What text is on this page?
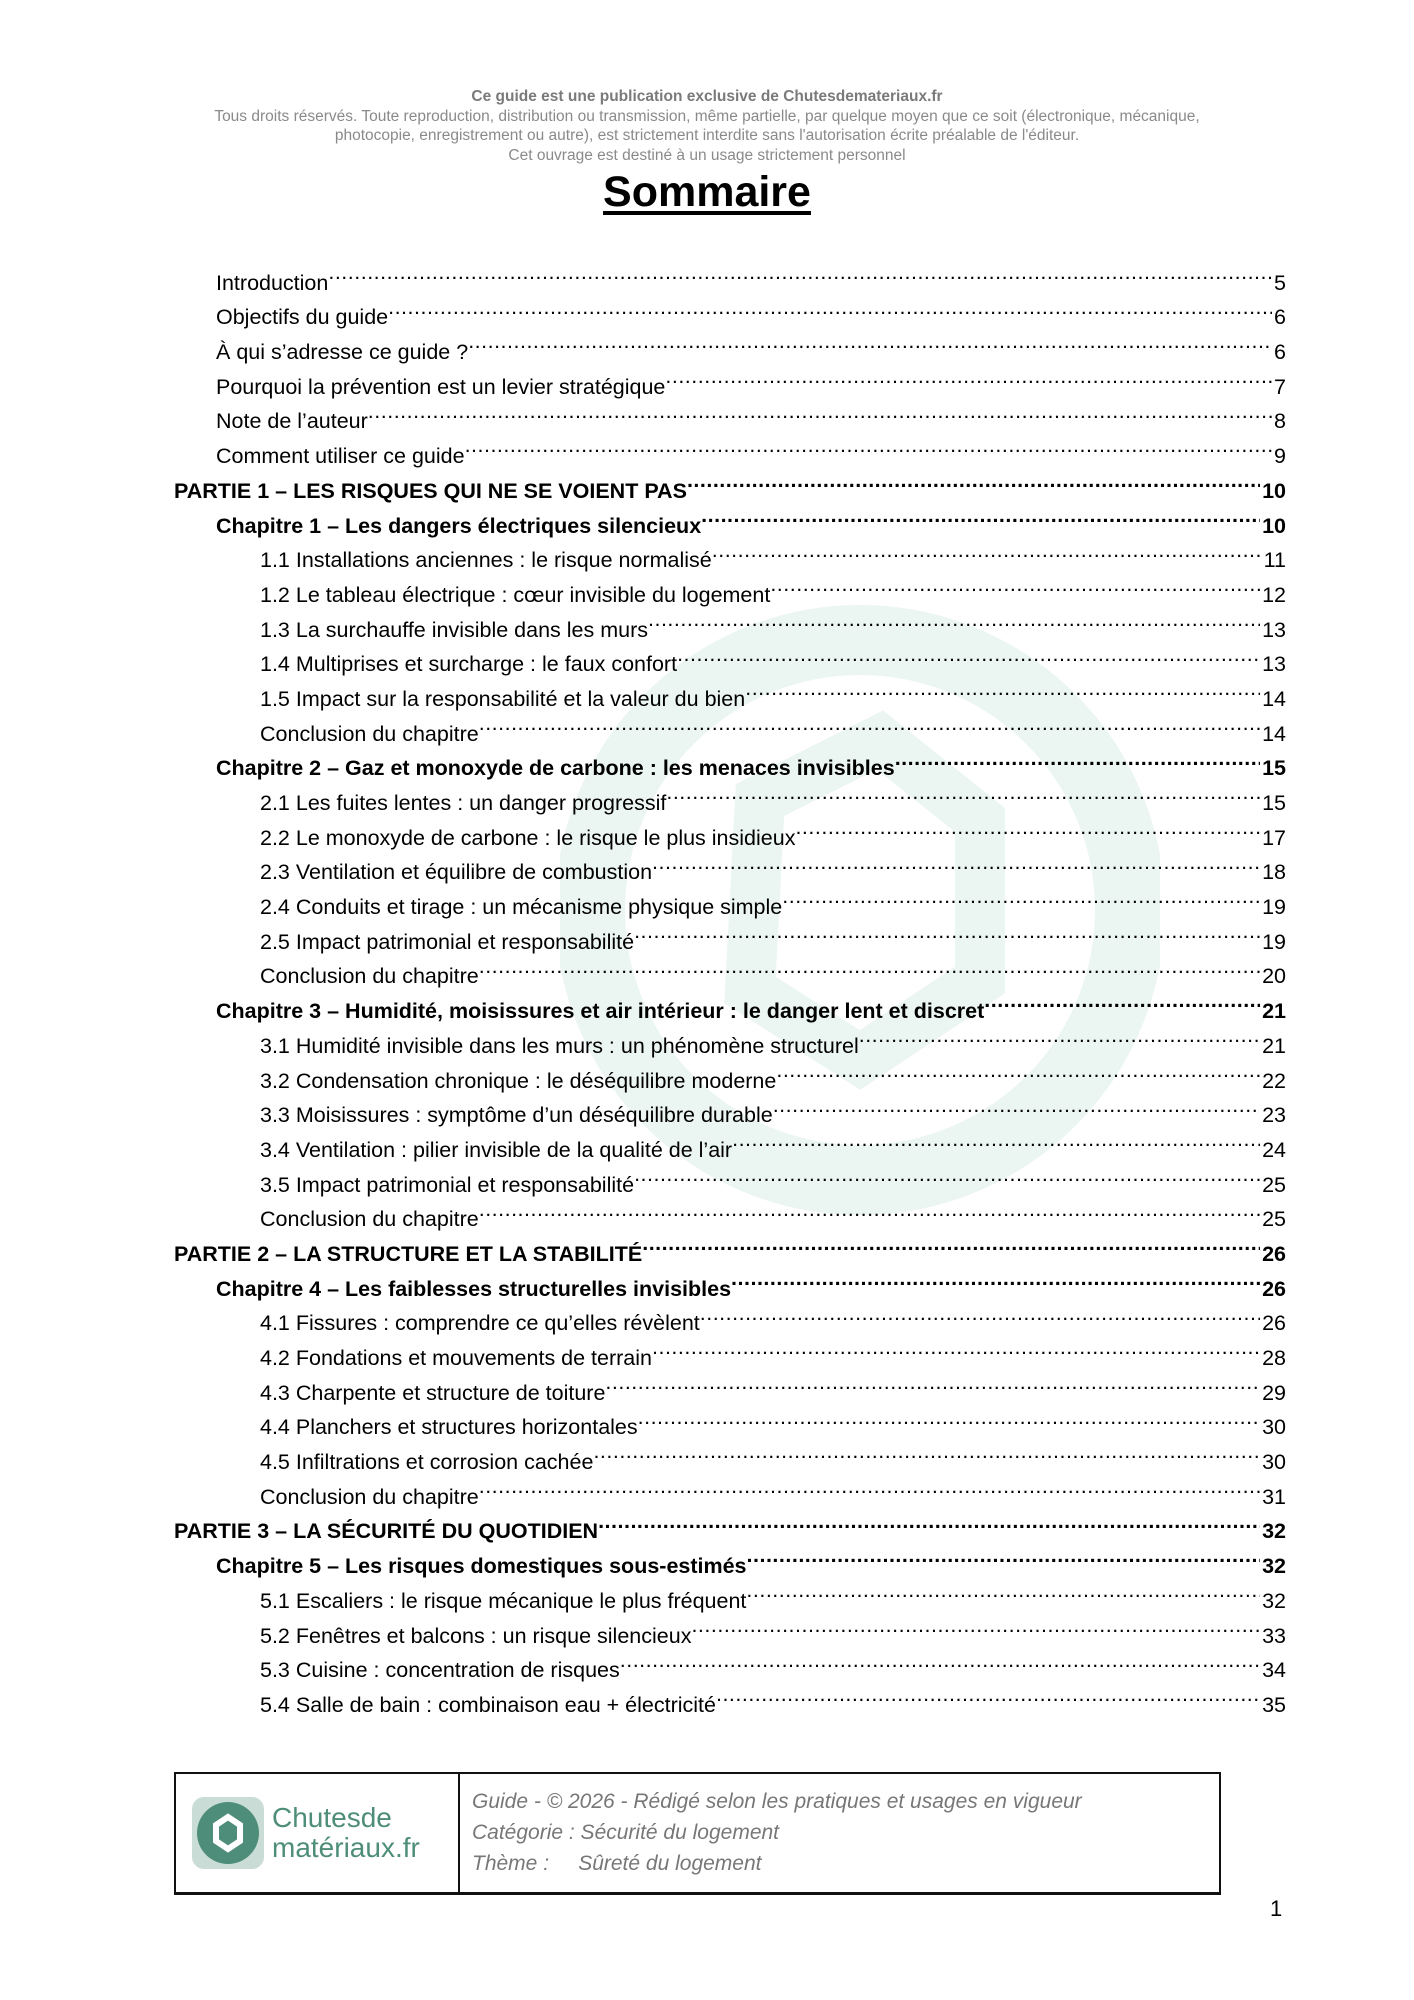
Ce guide est une publication exclusive de Chutesdemateriaux.fr
Tous droits réservés. Toute reproduction, distribution ou transmission, même partielle, par quelque moyen que ce soit (électronique, mécanique,
photocopie, enregistrement ou autre), est strictement interdite sans l'autorisation écrite préalable de l'éditeur.
Cet ouvrage est destiné à un usage strictement personnel
Sommaire
Introduction .....	5
Objectifs du guide .....	6
À qui s’adresse ce guide ? .....	6
Pourquoi la prévention est un levier stratégique .....	7
Note de l’auteur .....	8
Comment utiliser ce guide .....	9
PARTIE 1 – LES RISQUES QUI NE SE VOIENT PAS .....	10
Chapitre 1 – Les dangers électriques silencieux .....	10
1.1 Installations anciennes : le risque normalisé .....	11
1.2 Le tableau électrique : cœur invisible du logement .....	12
1.3 La surchauffe invisible dans les murs .....	13
1.4 Multiprises et surcharge : le faux confort .....	13
1.5 Impact sur la responsabilité et la valeur du bien .....	14
Conclusion du chapitre .....	14
Chapitre 2 – Gaz et monoxyde de carbone : les menaces invisibles .....	15
2.1 Les fuites lentes : un danger progressif .....	15
2.2 Le monoxyde de carbone : le risque le plus insidieux .....	17
2.3 Ventilation et équilibre de combustion .....	18
2.4 Conduits et tirage : un mécanisme physique simple .....	19
2.5 Impact patrimonial et responsabilité .....	19
Conclusion du chapitre .....	20
Chapitre 3 – Humidité, moisissures et air intérieur : le danger lent et discret .....	21
3.1 Humidité invisible dans les murs : un phénomène structurel .....	21
3.2 Condensation chronique : le déséquilibre moderne .....	22
3.3 Moisissures : symptôme d’un déséquilibre durable .....	23
3.4 Ventilation : pilier invisible de la qualité de l’air .....	24
3.5 Impact patrimonial et responsabilité .....	25
Conclusion du chapitre .....	25
PARTIE 2 – LA STRUCTURE ET LA STABILITÉ .....	26
Chapitre 4 – Les faiblesses structurelles invisibles .....	26
4.1 Fissures : comprendre ce qu’elles révèlent .....	26
4.2 Fondations et mouvements de terrain .....	28
4.3 Charpente et structure de toiture .....	29
4.4 Planchers et structures horizontales .....	30
4.5 Infiltrations et corrosion cachée .....	30
Conclusion du chapitre .....	31
PARTIE 3 – LA SÉCURITÉ DU QUOTIDIEN .....	32
Chapitre 5 – Les risques domestiques sous-estimés .....	32
5.1 Escaliers : le risque mécanique le plus fréquent .....	32
5.2 Fenêtres et balcons : un risque silencieux .....	33
5.3 Cuisine : concentration de risques .....	34
5.4 Salle de bain : combinaison eau + électricité .....	35
Chutesde
matériaux.fr
Guide - © 2026 - Rédigé selon les pratiques et usages en vigueur
Catégorie : Sécurité du logement
Thème :     Sûreté du logement
1
